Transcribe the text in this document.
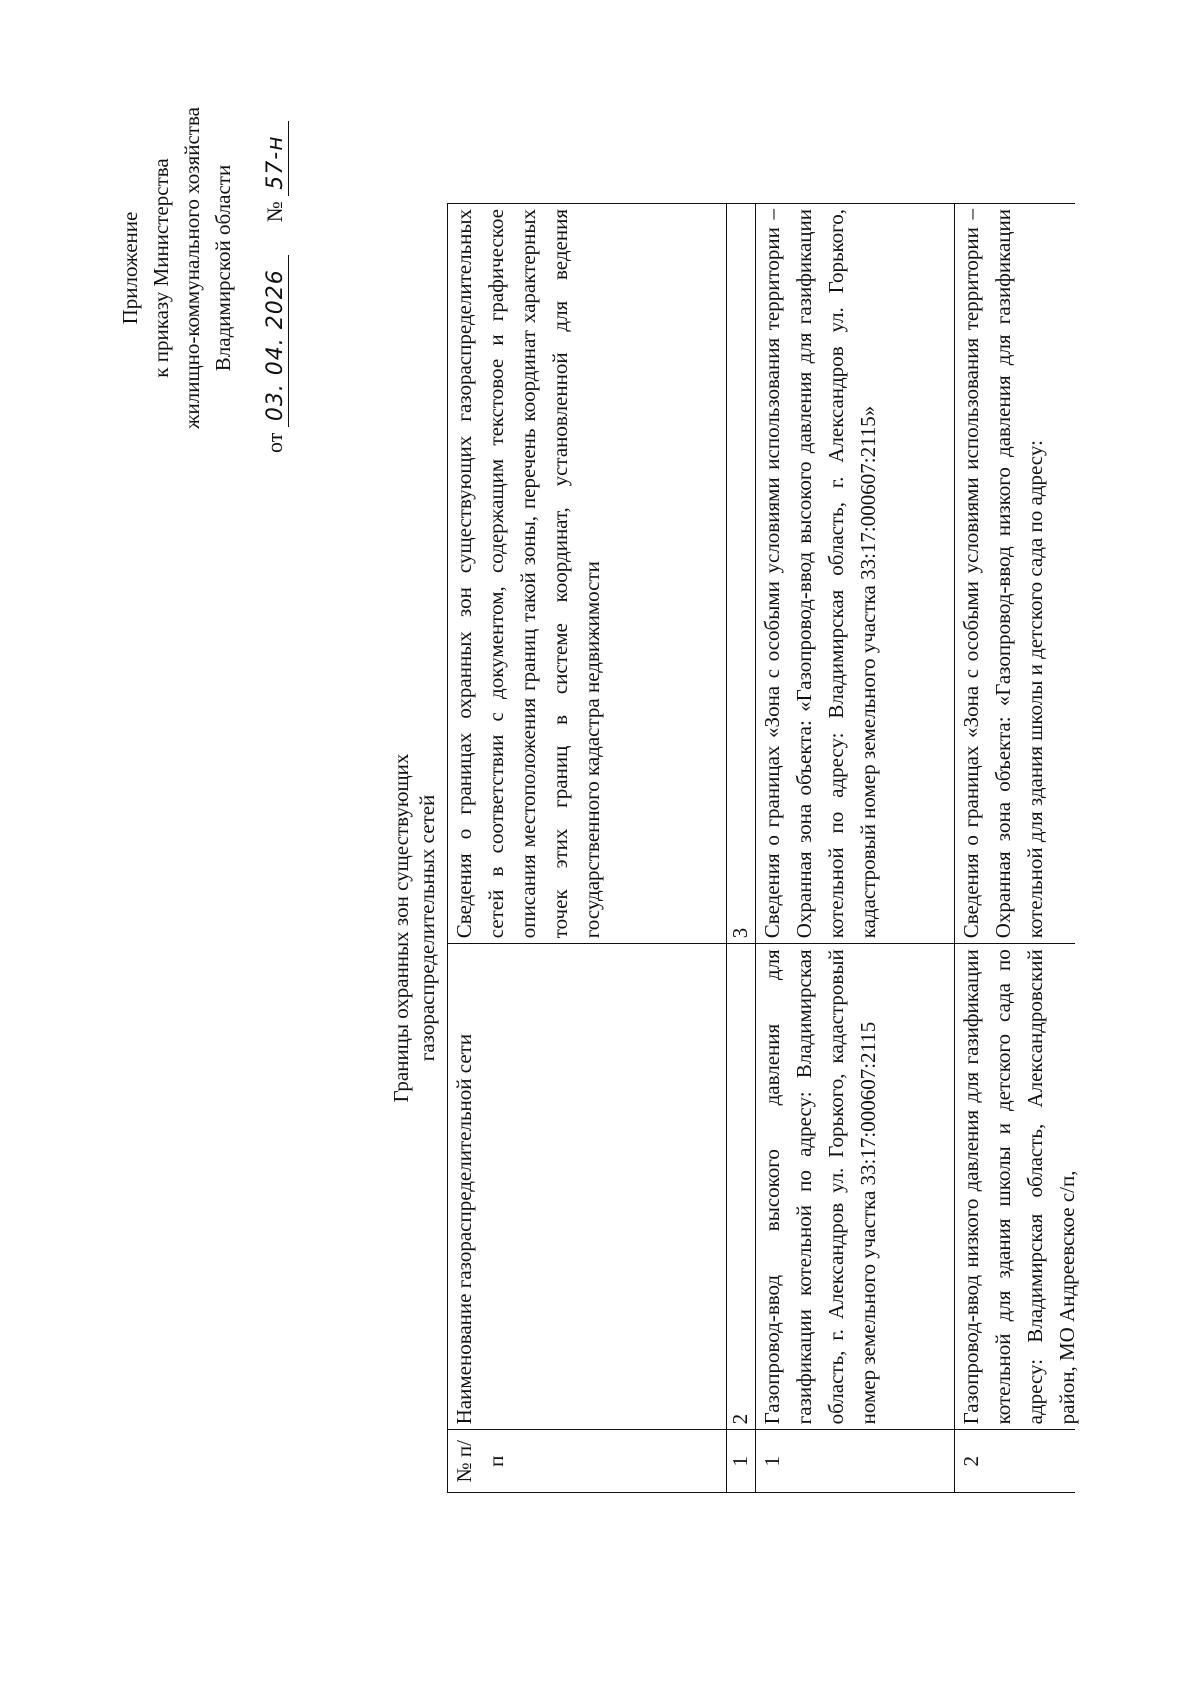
Приложение к приказу Министерства жилищно-коммунального хозяйства Владимирской области
от 03. 04. 2026      № 57-н
Границы охранных зон существующих газораспределительных сетей
№ п/п	Наименование газораспределительной сети	Сведения о границах охранных зон существующих газораспределительных сетей в соответствии с документом, содержащим текстовое и графическое описания местоположения границ такой зоны, перечень координат характерных точек этих границ в системе координат, установленной для ведения государственного кадастра недвижимости
1	2	3
1	Газопровод-ввод высокого давления для газификации котельной по адресу: Владимирская область, г. Александров ул. Горького, кадастровый номер земельного участка 33:17:000607:2115	Сведения о границах «Зона с особыми условиями использования территории – Охранная зона объекта: «Газопровод-ввод высокого давления для газификации котельной по адресу: Владимирская область, г. Александров ул. Горького, кадастровый номер земельного участка 33:17:000607:2115»
2	Газопровод-ввод низкого давления для газификации котельной для здания школы и детского сада по адресу: Владимирская область, Александровский район, МО Андреевское с/п,	Сведения о границах «Зона с особыми условиями использования территории – Охранная зона объекта: «Газопровод-ввод низкого давления для газификации котельной для здания школы и детского сада по адресу:
